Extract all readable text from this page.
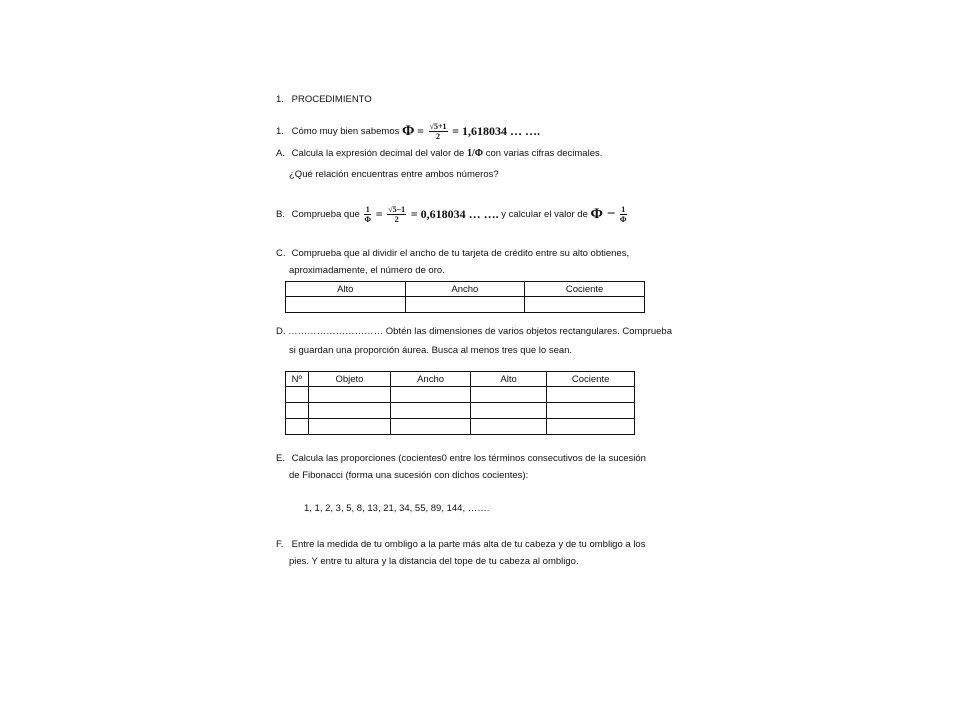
1. PROCEDIMIENTO
1. Cómo muy bien sabemos $\Phi = \frac{√5+1}{2} = 1,618034$ … ….
A. Calcula la expresión decimal del valor de 1/Φ con varias cifras decimales.
¿Qué relación encuentras entre ambos números?
B. Comprueba que $\frac{1}{\Phi} = \frac{√5-1}{2} = 0,618034$ … …. y calcular el valor de $\Phi - \frac{1}{\Phi}$
C. Comprueba que al dividir el ancho de tu tarjeta de crédito entre su alto obtienes,
aproximadamente, el número de oro.
Alto	Ancho	Cociente

D. ………………………… Obtén las dimensiones de varios objetos rectangulares. Comprueba
si guardan una proporción áurea. Busca al menos tres que lo sean.
Nº	Objeto	Ancho	Alto	Cociente

E. Calcula las proporciones (cocientes0 entre los términos consecutivos de la sucesión
de Fibonacci (forma una sucesión con dichos cocientes):
1, 1, 2, 3, 5, 8, 13, 21, 34, 55, 89, 144, …….
F. Entre la medida de tu ombligo a la parte más alta de tu cabeza y de tu ombligo a los
pies. Y entre tu altura y la distancia del tope de tu cabeza al ombligo.
